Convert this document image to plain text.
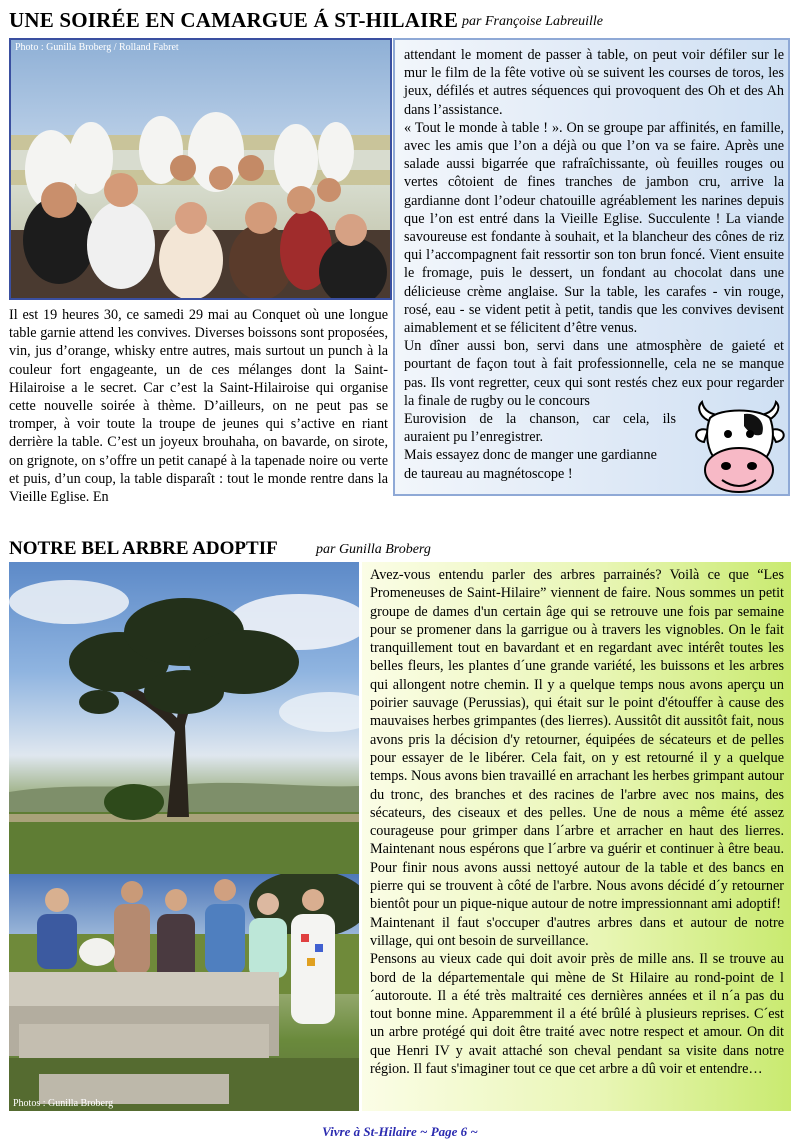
UNE SOIRÉE EN CAMARGUE Á ST-HILAIRE par Françoise Labreuille
Photo : Gunilla Broberg / Rolland Fabret

Il est 19 heures 30, ce samedi 29 mai au Conquet où une longue table garnie attend les convives. Diverses boissons sont proposées, vin, jus d’orange, whisky entre autres, mais surtout un punch à la couleur fort engageante, un de ces mélanges dont la Saint-Hilairoise a le secret. Car c’est la Saint-Hilairoise qui organise cette nouvelle soirée à thème. D’ailleurs, on ne peut pas se tromper, à voir toute la troupe de jeunes qui s’active en riant derrière la table. C’est un joyeux brouhaha, on bavarde, on sirote, on grignote, on s’offre un petit canapé à la tapenade noire ou verte et puis, d’un coup, la table disparaît : tout le monde rentre dans la Vieille Eglise. En

attendant le moment de passer à table, on peut voir défiler sur le mur le film de la fête votive où se suivent les courses de toros, les jeux, défilés et autres séquences qui provoquent des Oh et des Ah dans l’assistance.

« Tout le monde à table ! ». On se groupe par affinités, en famille, avec les amis que l’on a déjà ou que l’on va se faire. Après une salade aussi bigarrée que rafraîchissante, où feuilles rouges ou vertes côtoient de fines tranches de jambon cru, arrive la gardianne dont l’odeur chatouille agréablement les narines depuis que l’on est entré dans la Vieille Eglise. Succulente ! La viande savoureuse est fondante à souhait, et la blancheur des cônes de riz qui l’accompagnent fait ressortir son ton brun foncé. Vient ensuite le fromage, puis le dessert, un fondant au chocolat dans une délicieuse crème anglaise. Sur la table, les carafes - vin rouge, rosé, eau - se vident petit à petit, tandis que les convives devisent aimablement et se félicitent d’être venus.

Un dîner aussi bon, servi dans une atmosphère de gaieté et pourtant de façon tout à fait professionnelle, cela ne se manque pas. Ils vont regretter, ceux qui sont restés chez eux pour regarder la finale de rugby ou le concours

Eurovision de la chanson, car cela, ils

auraient pu l’enregistrer.

Mais essayez donc de manger une gardianne

de taureau au magnétoscope !

NOTRE BEL ARBRE ADOPTIF	par Gunilla Broberg
Photos : Gunilla Broberg

Avez-vous entendu parler des arbres parrainés? Voilà ce que “Les Promeneuses de Saint-Hilaire” viennent de faire. Nous sommes un petit groupe de dames d'un certain âge qui se retrouve une fois par semaine pour se promener dans la garrigue ou à travers les vignobles. On le fait tranquillement tout en bavardant et en regardant avec intérêt toutes les belles fleurs, les plantes d´une grande variété, les buissons et les arbres qui allongent notre chemin. Il y a quelque temps nous avons aperçu un poirier sauvage (Perussias), qui était sur le point d'étouffer à cause des mauvaises herbes grimpantes (des lierres). Aussitôt dit aussitôt fait, nous avons pris la décision d'y retourner, équipées de sécateurs et de pelles pour essayer de le libérer. Cela fait, on y est retourné il y a quelque temps. Nous avons bien travaillé en arrachant les herbes grimpant autour du tronc, des branches et des racines de l'arbre avec nos mains, des sécateurs, des ciseaux et des pelles. Une de nous a même été assez courageuse pour grimper dans l´arbre et arracher en haut des lierres. Maintenant nous espérons que l´arbre va guérir et continuer à être beau. Pour finir nous avons aussi nettoyé autour de la table et des bancs en pierre qui se trouvent à côté de l'arbre. Nous avons décidé d´y retourner bientôt pour un pique-nique autour de notre impressionnant ami adoptif!

Maintenant il faut s'occuper d'autres arbres dans et autour de notre village, qui ont besoin de surveillance.

Pensons au vieux cade qui doit avoir près de mille ans. Il se trouve au bord de la départementale qui mène de St Hilaire au rond-point de l´autoroute. Il a été très maltraité ces dernières années et il n´a pas du tout bonne mine. Apparemment il a été brûlé à plusieurs reprises. C´est un arbre protégé qui doit être traité avec notre respect et amour. On dit que Henri IV y avait attaché son cheval pendant sa visite dans notre région. Il faut s'imaginer tout ce que cet arbre a dû voir et entendre…

Vivre à St-Hilaire ~ Page 6 ~
